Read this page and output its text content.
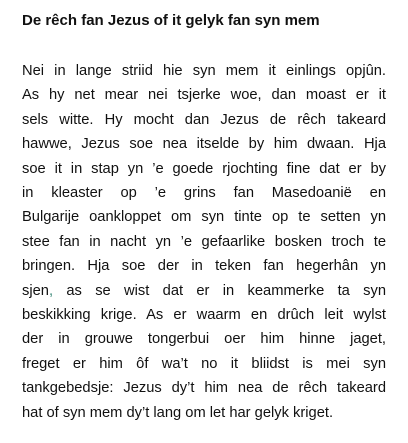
De rêch fan Jezus of it gelyk fan syn mem
Nei in lange striid hie syn mem it einlings opjûn.
As hy net mear nei tsjerke woe, dan moast er it
sels witte. Hy mocht dan Jezus de rêch takeard
hawwe, Jezus soe nea itselde by him dwaan. Hja
soe it in stap yn ’e goede rjochting fine dat er by
in kleaster op ’e grins fan Masedoanië en
Bulgarije oankloppet om syn tinte op te setten yn
stee fan in nacht yn ’e gefaarlike bosken troch te
bringen. Hja soe der in teken fan hegerhân yn
sjen, as se wist dat er in keammerke ta syn
beskikking krige. As er waarm en drûch leit wylst
der in grouwe tongerbui oer him hinne jaget,
freget er him ôf wa’t no it bliidst is mei syn
tankgebedsje: Jezus dy’t him nea de rêch takeard
hat of syn mem dy’t lang om let har gelyk kriget.
